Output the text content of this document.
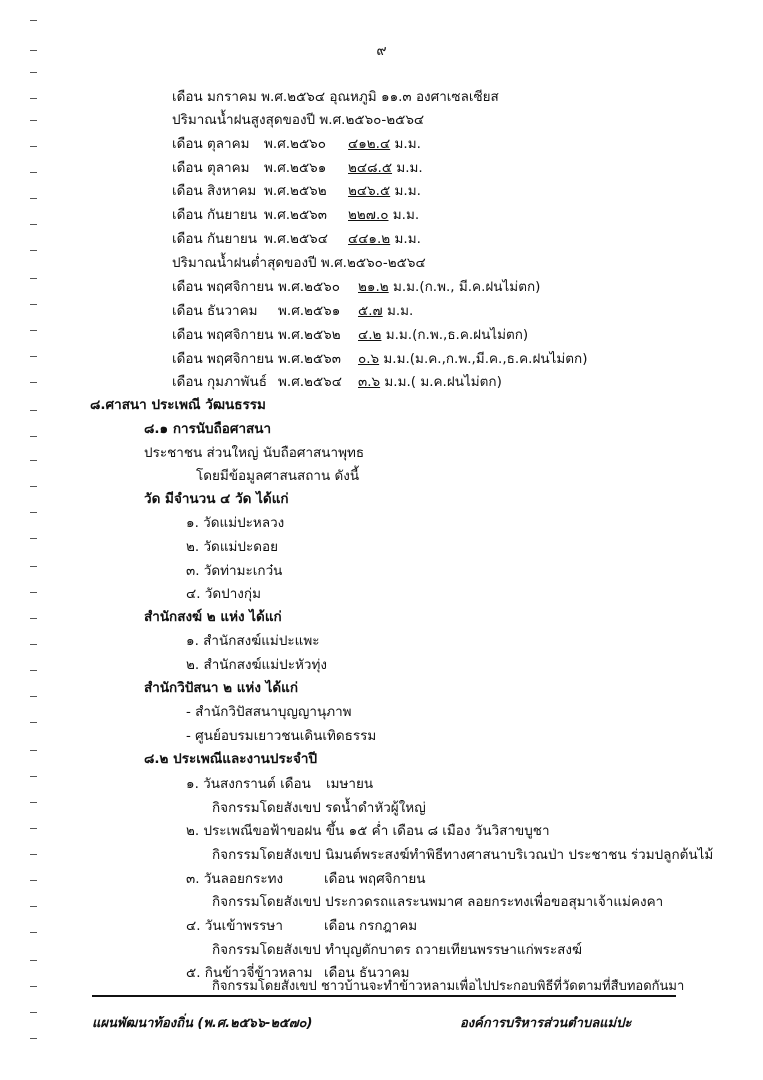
๙
เดือน มกราคม พ.ศ.๒๕๖๔ อุณหภูมิ ๑๑.๓ องศาเซลเซียส
ปริมาณน้ำฝนสูงสุดของปี พ.ศ.๒๕๖๐-๒๕๖๔
เดือน ตุลาคม พ.ศ.๒๕๖๐ ๔๑๒.๔ ม.ม.
เดือน ตุลาคม พ.ศ.๒๕๖๑ ๒๔๘.๕ ม.ม.
เดือน สิงหาคม พ.ศ.๒๕๖๒ ๒๔๖.๕ ม.ม.
เดือน กันยายน พ.ศ.๒๕๖๓ ๒๒๗.๐ ม.ม.
เดือน กันยายน พ.ศ.๒๕๖๔ ๔๔๑.๒ ม.ม.
ปริมาณน้ำฝนต่ำสุดของปี พ.ศ.๒๕๖๐-๒๕๖๔
เดือน พฤศจิกายน พ.ศ.๒๕๖๐ ๒๑.๒ ม.ม.(ก.พ., มี.ค.ฝนไม่ตก)
เดือน ธันวาคม พ.ศ.๒๕๖๑ ๕.๗ ม.ม.
เดือน พฤศจิกายน พ.ศ.๒๕๖๒ ๔.๒ ม.ม.(ก.พ.,ธ.ค.ฝนไม่ตก)
เดือน พฤศจิกายน พ.ศ.๒๕๖๓ ๐.๖ ม.ม.(ม.ค.,ก.พ.,มี.ค.,ธ.ค.ฝนไม่ตก)
เดือน กุมภาพันธ์ พ.ศ.๒๕๖๔ ๓.๖ ม.ม.( ม.ค.ฝนไม่ตก)
๘.ศาสนา ประเพณี วัฒนธรรม
๘.๑ การนับถือศาสนา
ประชาชน ส่วนใหญ่ นับถือศาสนาพุทธ
โดยมีข้อมูลศาสนสถาน ดังนี้
วัด มีจำนวน ๔ วัด ได้แก่
๑. วัดแม่ปะหลวง
๒. วัดแม่ปะดอย
๓. วัดท่ามะเกว๋น
๔. วัดปางกุ่ม
สำนักสงฆ์ ๒ แห่ง ได้แก่
๑. สำนักสงฆ์แม่ปะแพะ
๒. สำนักสงฆ์แม่ปะหัวทุ่ง
สำนักวิปัสนา ๒ แห่ง ได้แก่
- สำนักวิปัสสนาบุญญานุภาพ
- ศูนย์อบรมเยาวชนเดินเทิดธรรม
๘.๒ ประเพณีและงานประจำปี
๑. วันสงกรานต์ เดือน เมษายน
กิจกรรมโดยสังเขป รดน้ำดำหัวผู้ใหญ่
๒. ประเพณีขอฟ้าขอฝน ขึ้น ๑๕ ค่ำ เดือน ๘ เมือง วันวิสาขบูชา
กิจกรรมโดยสังเขป นิมนต์พระสงฆ์ทำพิธีทางศาสนาบริเวณป่า ประชาชน ร่วมปลูกต้นไม้
๓. วันลอยกระทง	เดือน พฤศจิกายน
กิจกรรมโดยสังเขป ประกวดรถแลระนพมาศ ลอยกระทงเพื่อขอสุมาเจ้าแม่คงคา
๔. วันเข้าพรรษา	เดือน กรกฎาคม
กิจกรรมโดยสังเขป ทำบุญตักบาตร ถวายเทียนพรรษาแก่พระสงฆ์
๕. กินข้าวจี่ข้าวหลาม เดือน ธันวาคม
กิจกรรมโดยสังเขป ชาวบ้านจะทำข้าวหลามเพื่อไปประกอบพิธีที่วัดตามที่สืบทอดกันมา
แผนพัฒนาท้องถิ่น (พ.ศ.๒๕๖๖-๒๕๗๐)	องค์การบริหารส่วนตำบลแม่ปะ
